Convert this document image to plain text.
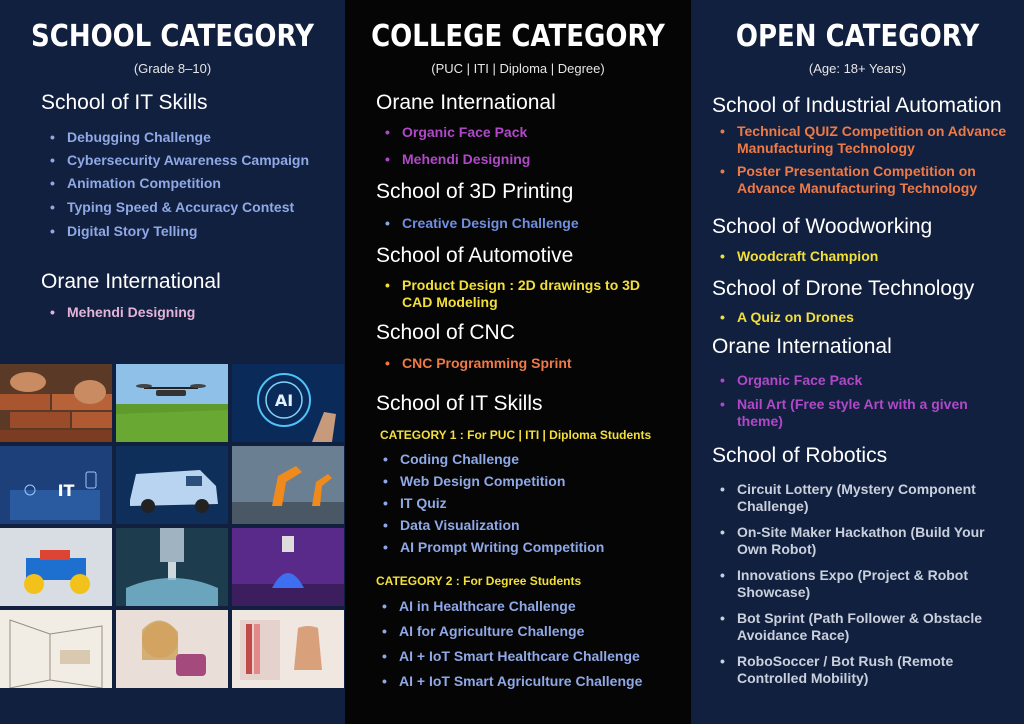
SCHOOL CATEGORY
(Grade 8–10)
School of IT Skills
• Debugging Challenge
• Cybersecurity Awareness Campaign
• Animation Competition
• Typing Speed & Accuracy Contest
• Digital Story Telling
Orane International
• Mehendi Designing
AI
IT
COLLEGE CATEGORY
(PUC | ITI | Diploma | Degree)
Orane International
• Organic Face Pack
• Mehendi Designing
School of 3D Printing
• Creative Design Challenge
School of Automotive
• Product Design : 2D drawings to 3D CAD Modeling
School of CNC
• CNC Programming Sprint
School of IT Skills
CATEGORY 1 : For PUC | ITI | Diploma Students
• Coding Challenge
• Web Design Competition
• IT Quiz
• Data Visualization
• AI Prompt Writing Competition
CATEGORY 2 : For Degree Students
• AI in Healthcare Challenge
• AI for Agriculture Challenge
• AI + IoT Smart Healthcare Challenge
• AI + IoT Smart Agriculture Challenge
OPEN CATEGORY
(Age: 18+ Years)
School of Industrial Automation
• Technical QUIZ Competition on Advance Manufacturing Technology
• Poster Presentation Competition on Advance Manufacturing Technology
School of Woodworking
• Woodcraft Champion
School of Drone Technology
• A Quiz on Drones
Orane International
• Organic Face Pack
• Nail Art (Free style Art with a given theme)
School of Robotics
• Circuit Lottery (Mystery Component Challenge)
• On-Site Maker Hackathon (Build Your Own Robot)
• Innovations Expo (Project & Robot Showcase)
• Bot Sprint (Path Follower & Obstacle Avoidance Race)
• RoboSoccer / Bot Rush (Remote Controlled Mobility)
